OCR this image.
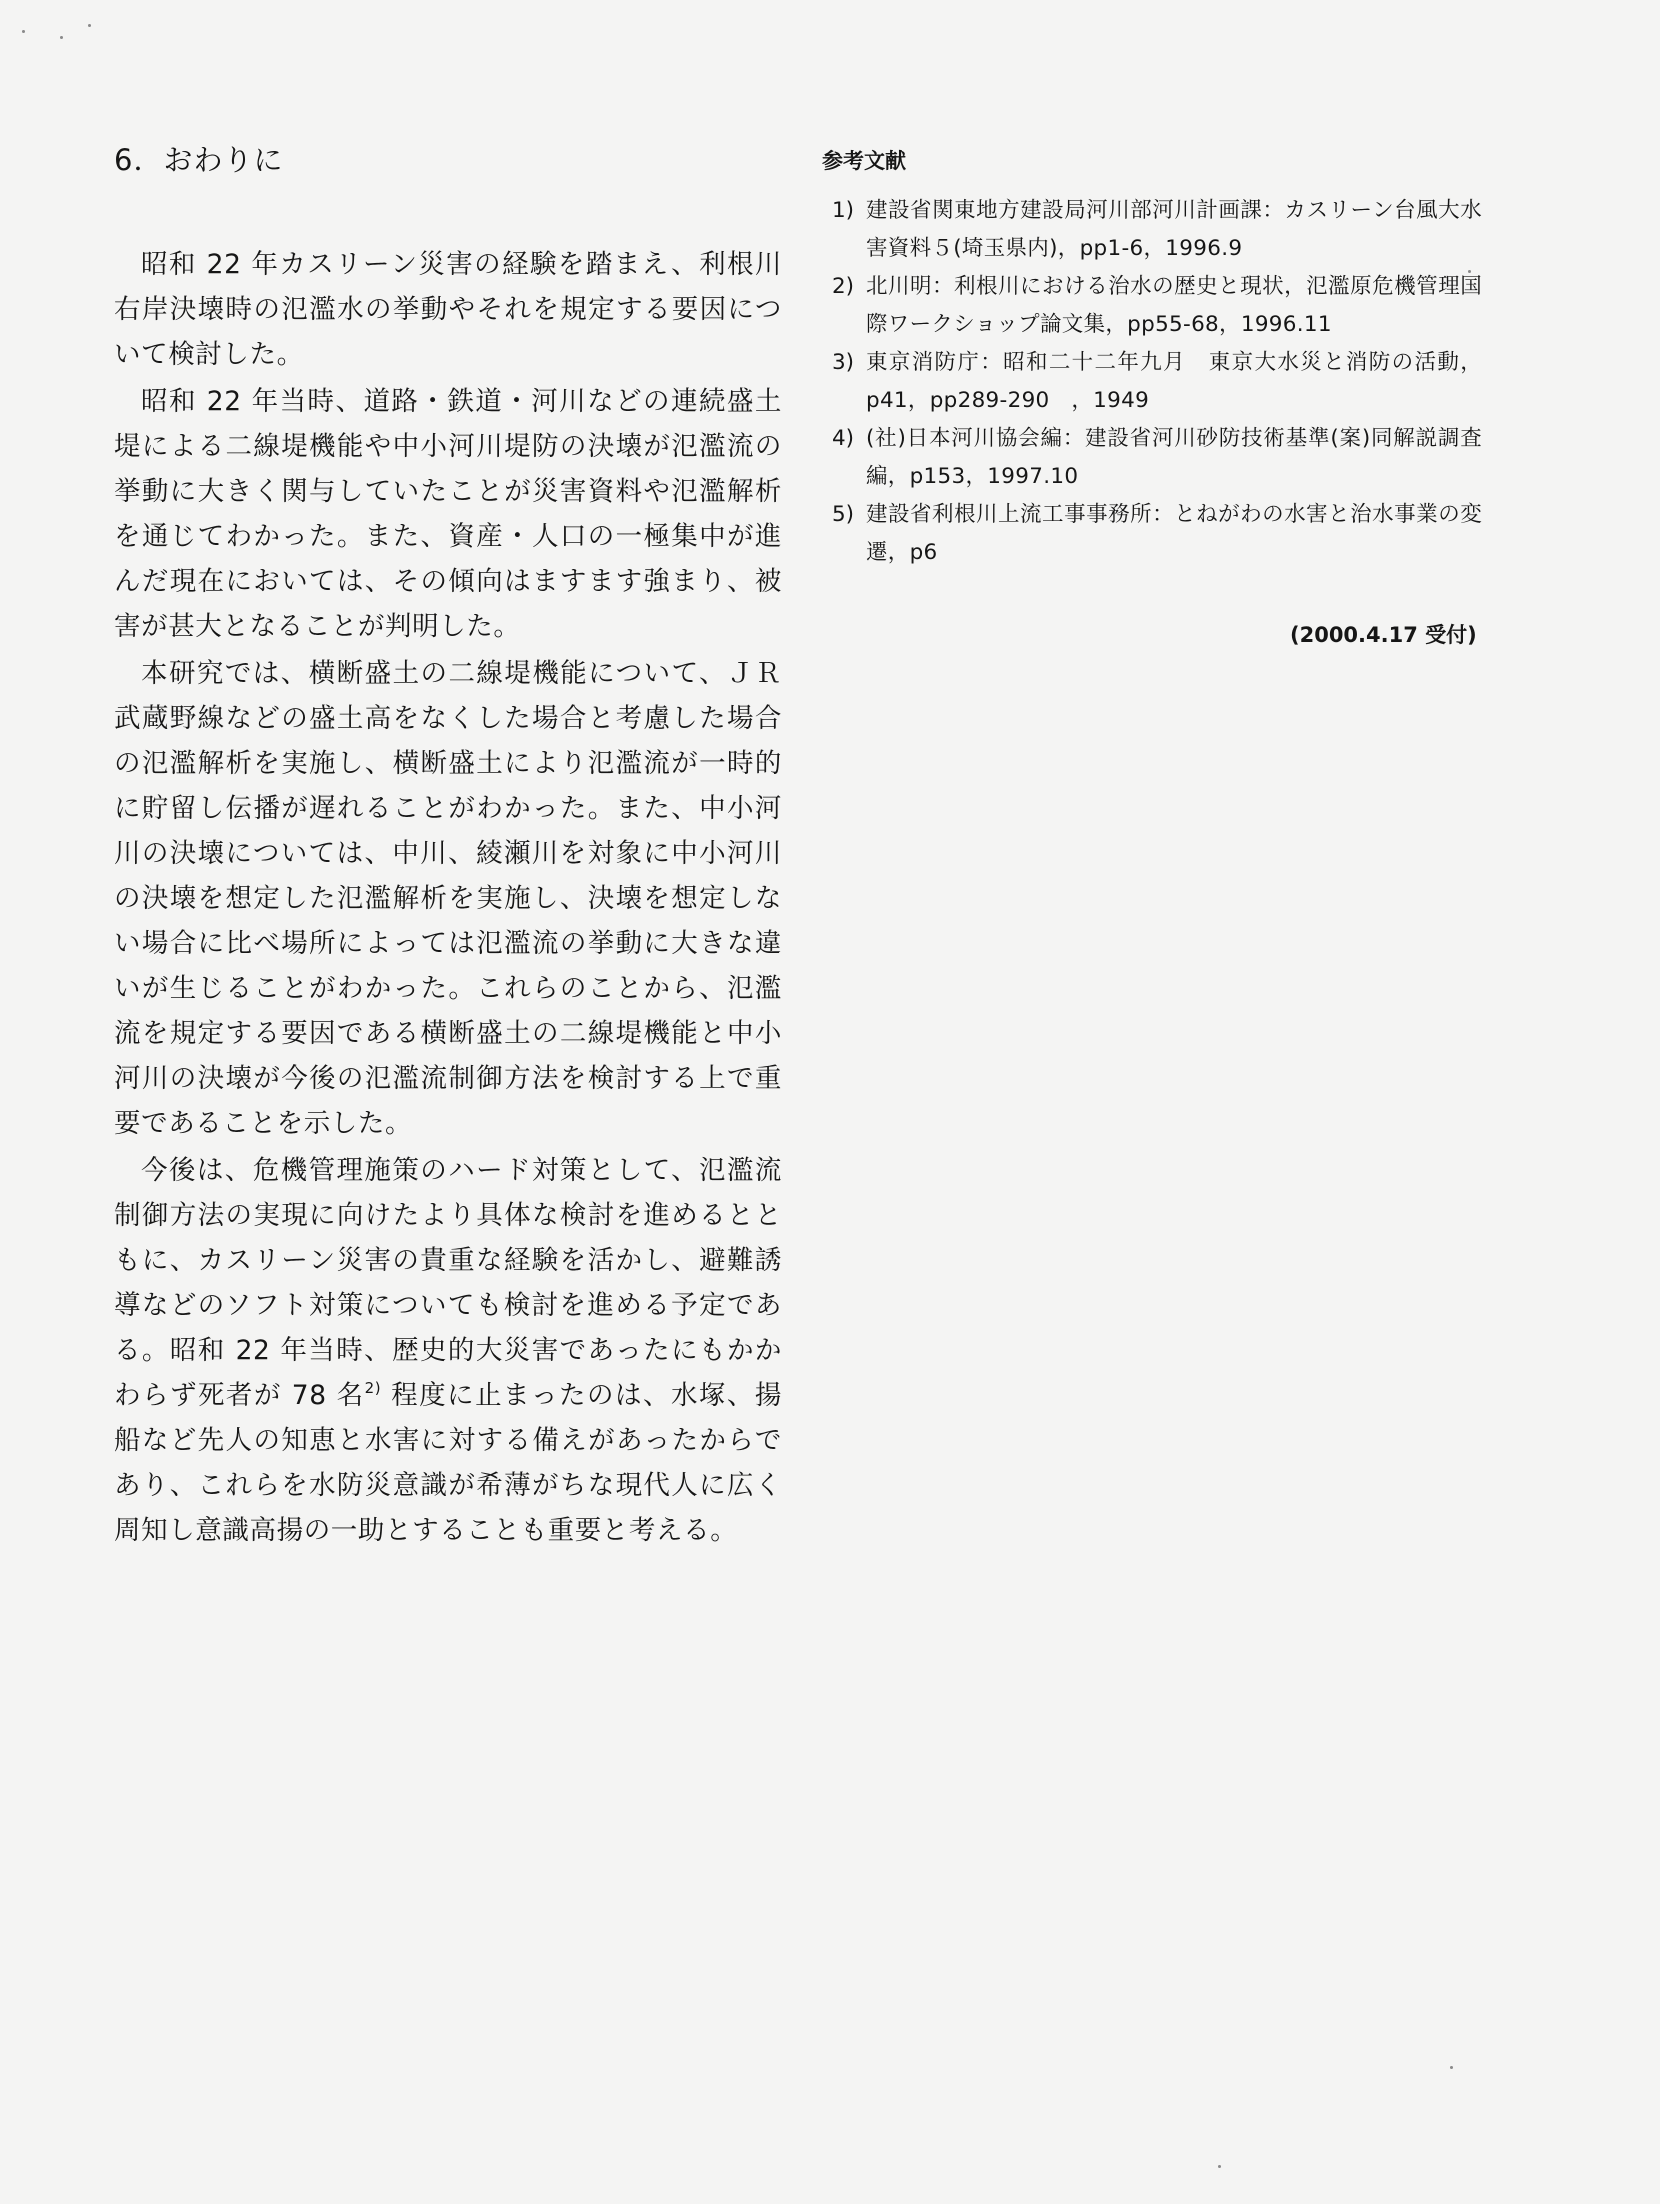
6．おわりに

昭和 22 年カスリーン災害の経験を踏まえ、利根川右岸決壊時の氾濫水の挙動やそれを規定する要因について検討した。

昭和 22 年当時、道路・鉄道・河川などの連続盛土堤による二線堤機能や中小河川堤防の決壊が氾濫流の挙動に大きく関与していたことが災害資料や氾濫解析を通じてわかった。また、資産・人口の一極集中が進んだ現在においては、その傾向はますます強まり、被害が甚大となることが判明した。

本研究では、横断盛土の二線堤機能について、ＪＲ武蔵野線などの盛土高をなくした場合と考慮した場合の氾濫解析を実施し、横断盛土により氾濫流が一時的に貯留し伝播が遅れることがわかった。また、中小河川の決壊については、中川、綾瀬川を対象に中小河川の決壊を想定した氾濫解析を実施し、決壊を想定しない場合に比べ場所によっては氾濫流の挙動に大きな違いが生じることがわかった。これらのことから、氾濫流を規定する要因である横断盛土の二線堤機能と中小河川の決壊が今後の氾濫流制御方法を検討する上で重要であることを示した。

今後は、危機管理施策のハード対策として、氾濫流制御方法の実現に向けたより具体な検討を進めるとともに、カスリーン災害の貴重な経験を活かし、避難誘導などのソフト対策についても検討を進める予定である。昭和 22 年当時、歴史的大災害であったにもかかわらず死者が 78 名$^{2)}$ 程度に止まったのは、水塚、揚船など先人の知恵と水害に対する備えがあったからであり、これらを水防災意識が希薄がちな現代人に広く周知し意識高揚の一助とすることも重要と考える。

参考文献
1) 建設省関東地方建設局河川部河川計画課：カスリーン台風大水害資料５(埼玉県内)，pp1-6，1996.9
2) 北川明：利根川における治水の歴史と現状，氾濫原危機管理国際ワークショップ論文集，pp55-68，1996.11
3) 東京消防庁：昭和二十二年九月　東京大水災と消防の活動，p41，pp289-290　，1949
4) (社)日本河川協会編：建設省河川砂防技術基準(案)同解説調査編，p153，1997.10
5) 建設省利根川上流工事事務所：とねがわの水害と治水事業の変遷，p6
(2000.4.17 受付)
